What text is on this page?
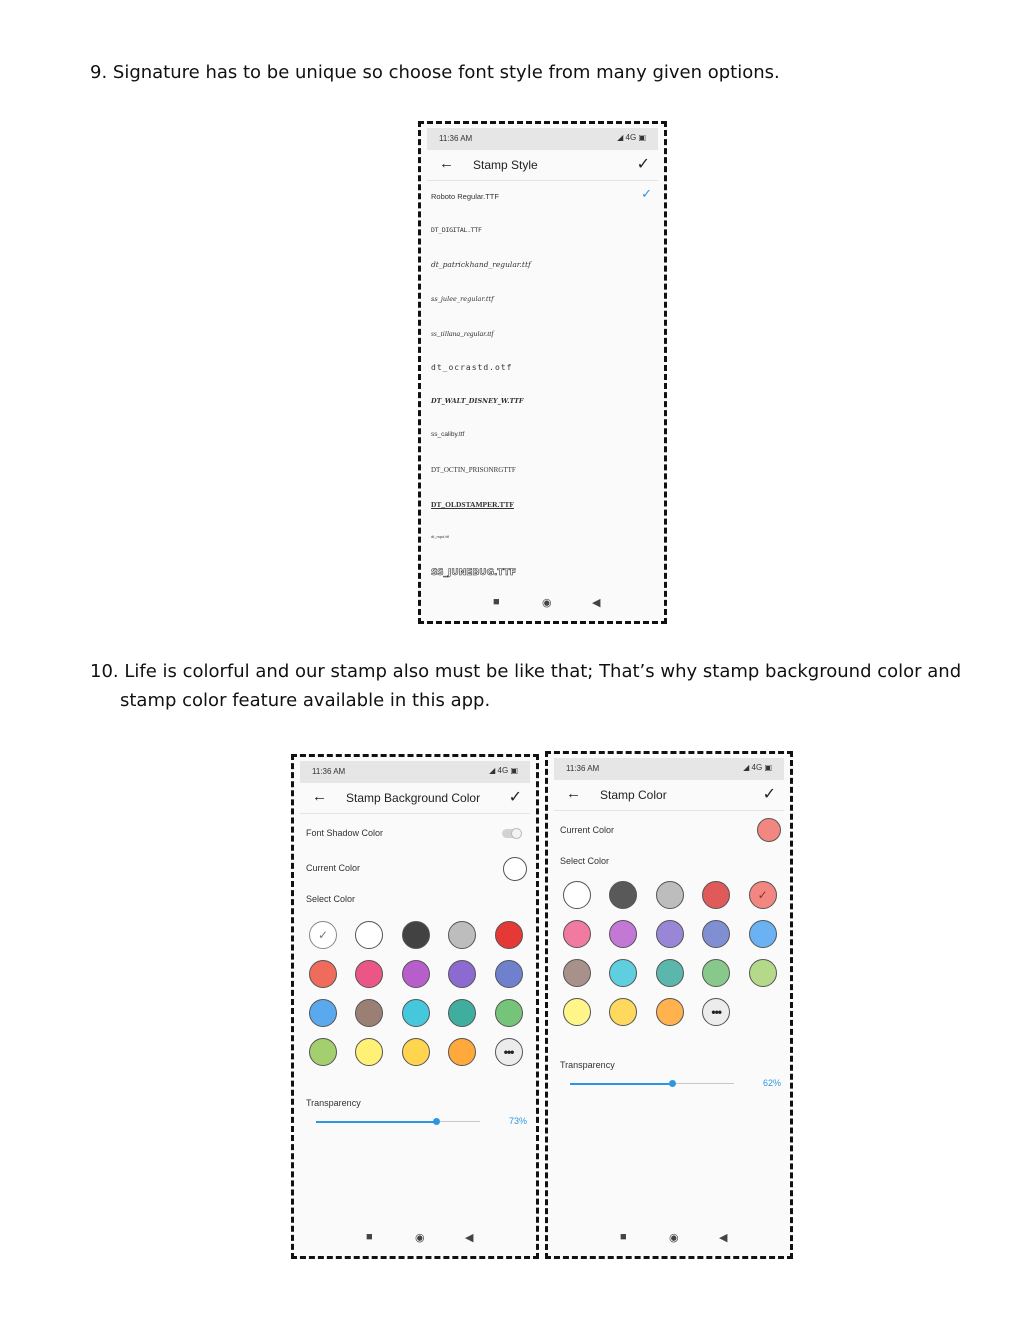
9. Signature has to be unique so choose font style from many given options.
11:36 AM	◢ 4G ▣
← Stamp Style	✓
Roboto Regular.TTF	✓
DT_DIGITAL.TTF
dt_patrickhand_regular.ttf
ss_julee_regular.ttf
ss_tillana_regular.ttf
dt_ocrastd.otf
DT_WALT_DISNEY_W.TTF
ss_caliby.ttf
DT_OCTIN_PRISONRGTTF
DT_OLDSTAMPER.TTF
dt_mpd.ttf
SS_JUNEBUG.TTF
■	◉	◀
10. Life is colorful and our stamp also must be like that; That’s why stamp background color and
stamp color feature available in this app.
11:36 AM	◢ 4G ▣
← Stamp Background Color ✓
Font Shadow Color
Current Color
Select Color
✓
•••
Transparency
73%
■	◉	◀
11:36 AM	◢ 4G ▣
← Stamp Color	✓
Current Color
Select Color
✓
•••
Transparency
62%
■	◉	◀
